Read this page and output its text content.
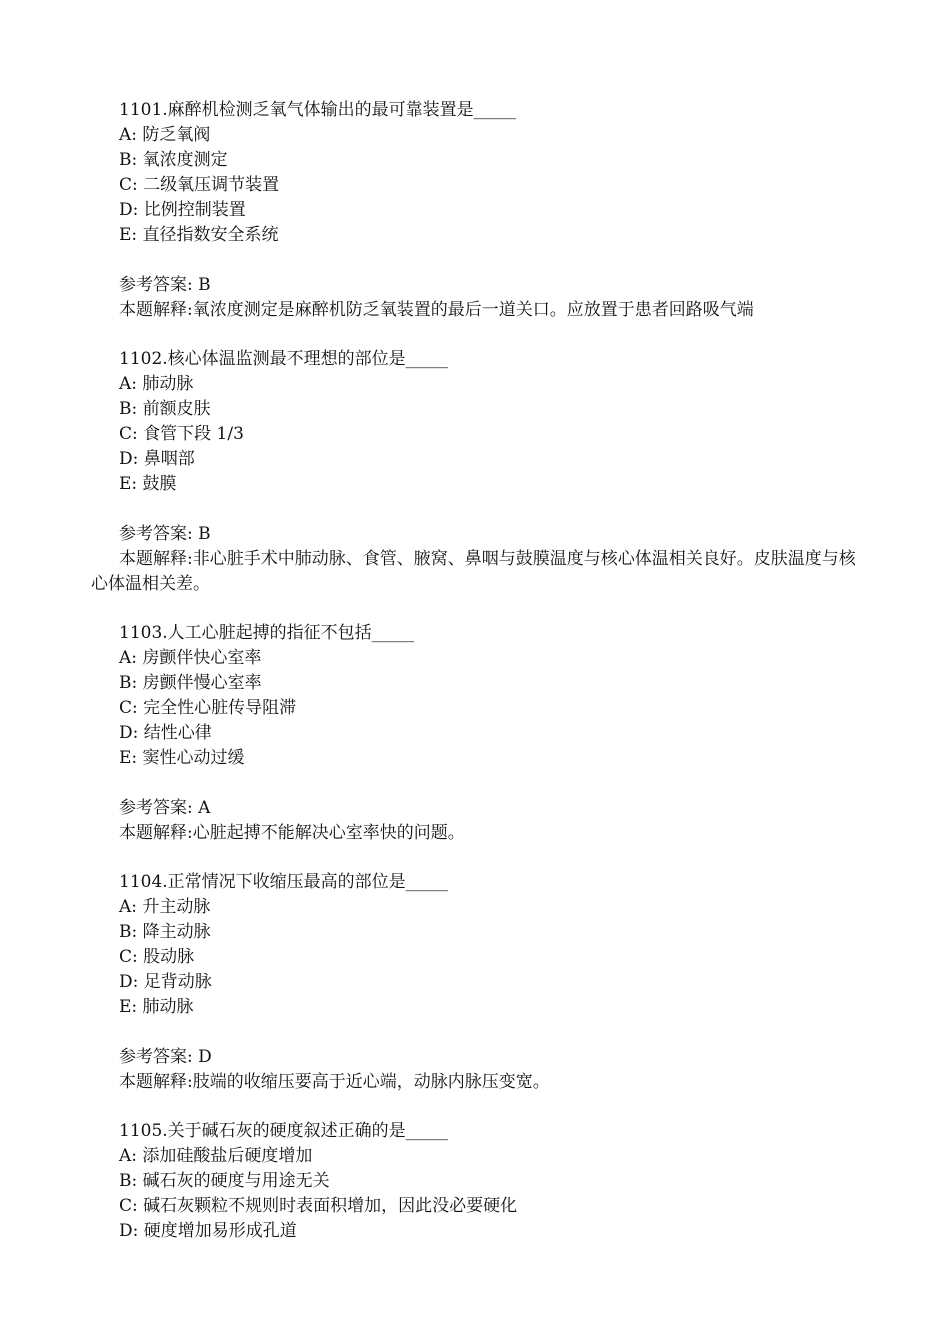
1101.麻醉机检测乏氧气体输出的最可靠装置是_____
A: 防乏氧阀
B: 氧浓度测定
C: 二级氧压调节装置
D: 比例控制装置
E: 直径指数安全系统
参考答案: B
本题解释:氧浓度测定是麻醉机防乏氧装置的最后一道关口。应放置于患者回路吸气端
1102.核心体温监测最不理想的部位是_____
A: 肺动脉
B: 前额皮肤
C: 食管下段 1/3
D: 鼻咽部
E: 鼓膜
参考答案: B
本题解释:非心脏手术中肺动脉、食管、腋窝、鼻咽与鼓膜温度与核心体温相关良好。皮肤温度与核心体温相关差。
1103.人工心脏起搏的指征不包括_____
A: 房颤伴快心室率
B: 房颤伴慢心室率
C: 完全性心脏传导阻滞
D: 结性心律
E: 窦性心动过缓
参考答案: A
本题解释:心脏起搏不能解决心室率快的问题。
1104.正常情况下收缩压最高的部位是_____
A: 升主动脉
B: 降主动脉
C: 股动脉
D: 足背动脉
E: 肺动脉
参考答案: D
本题解释:肢端的收缩压要高于近心端，动脉内脉压变宽。
1105.关于碱石灰的硬度叙述正确的是_____
A: 添加硅酸盐后硬度增加
B: 碱石灰的硬度与用途无关
C: 碱石灰颗粒不规则时表面积增加，因此没必要硬化
D: 硬度增加易形成孔道
